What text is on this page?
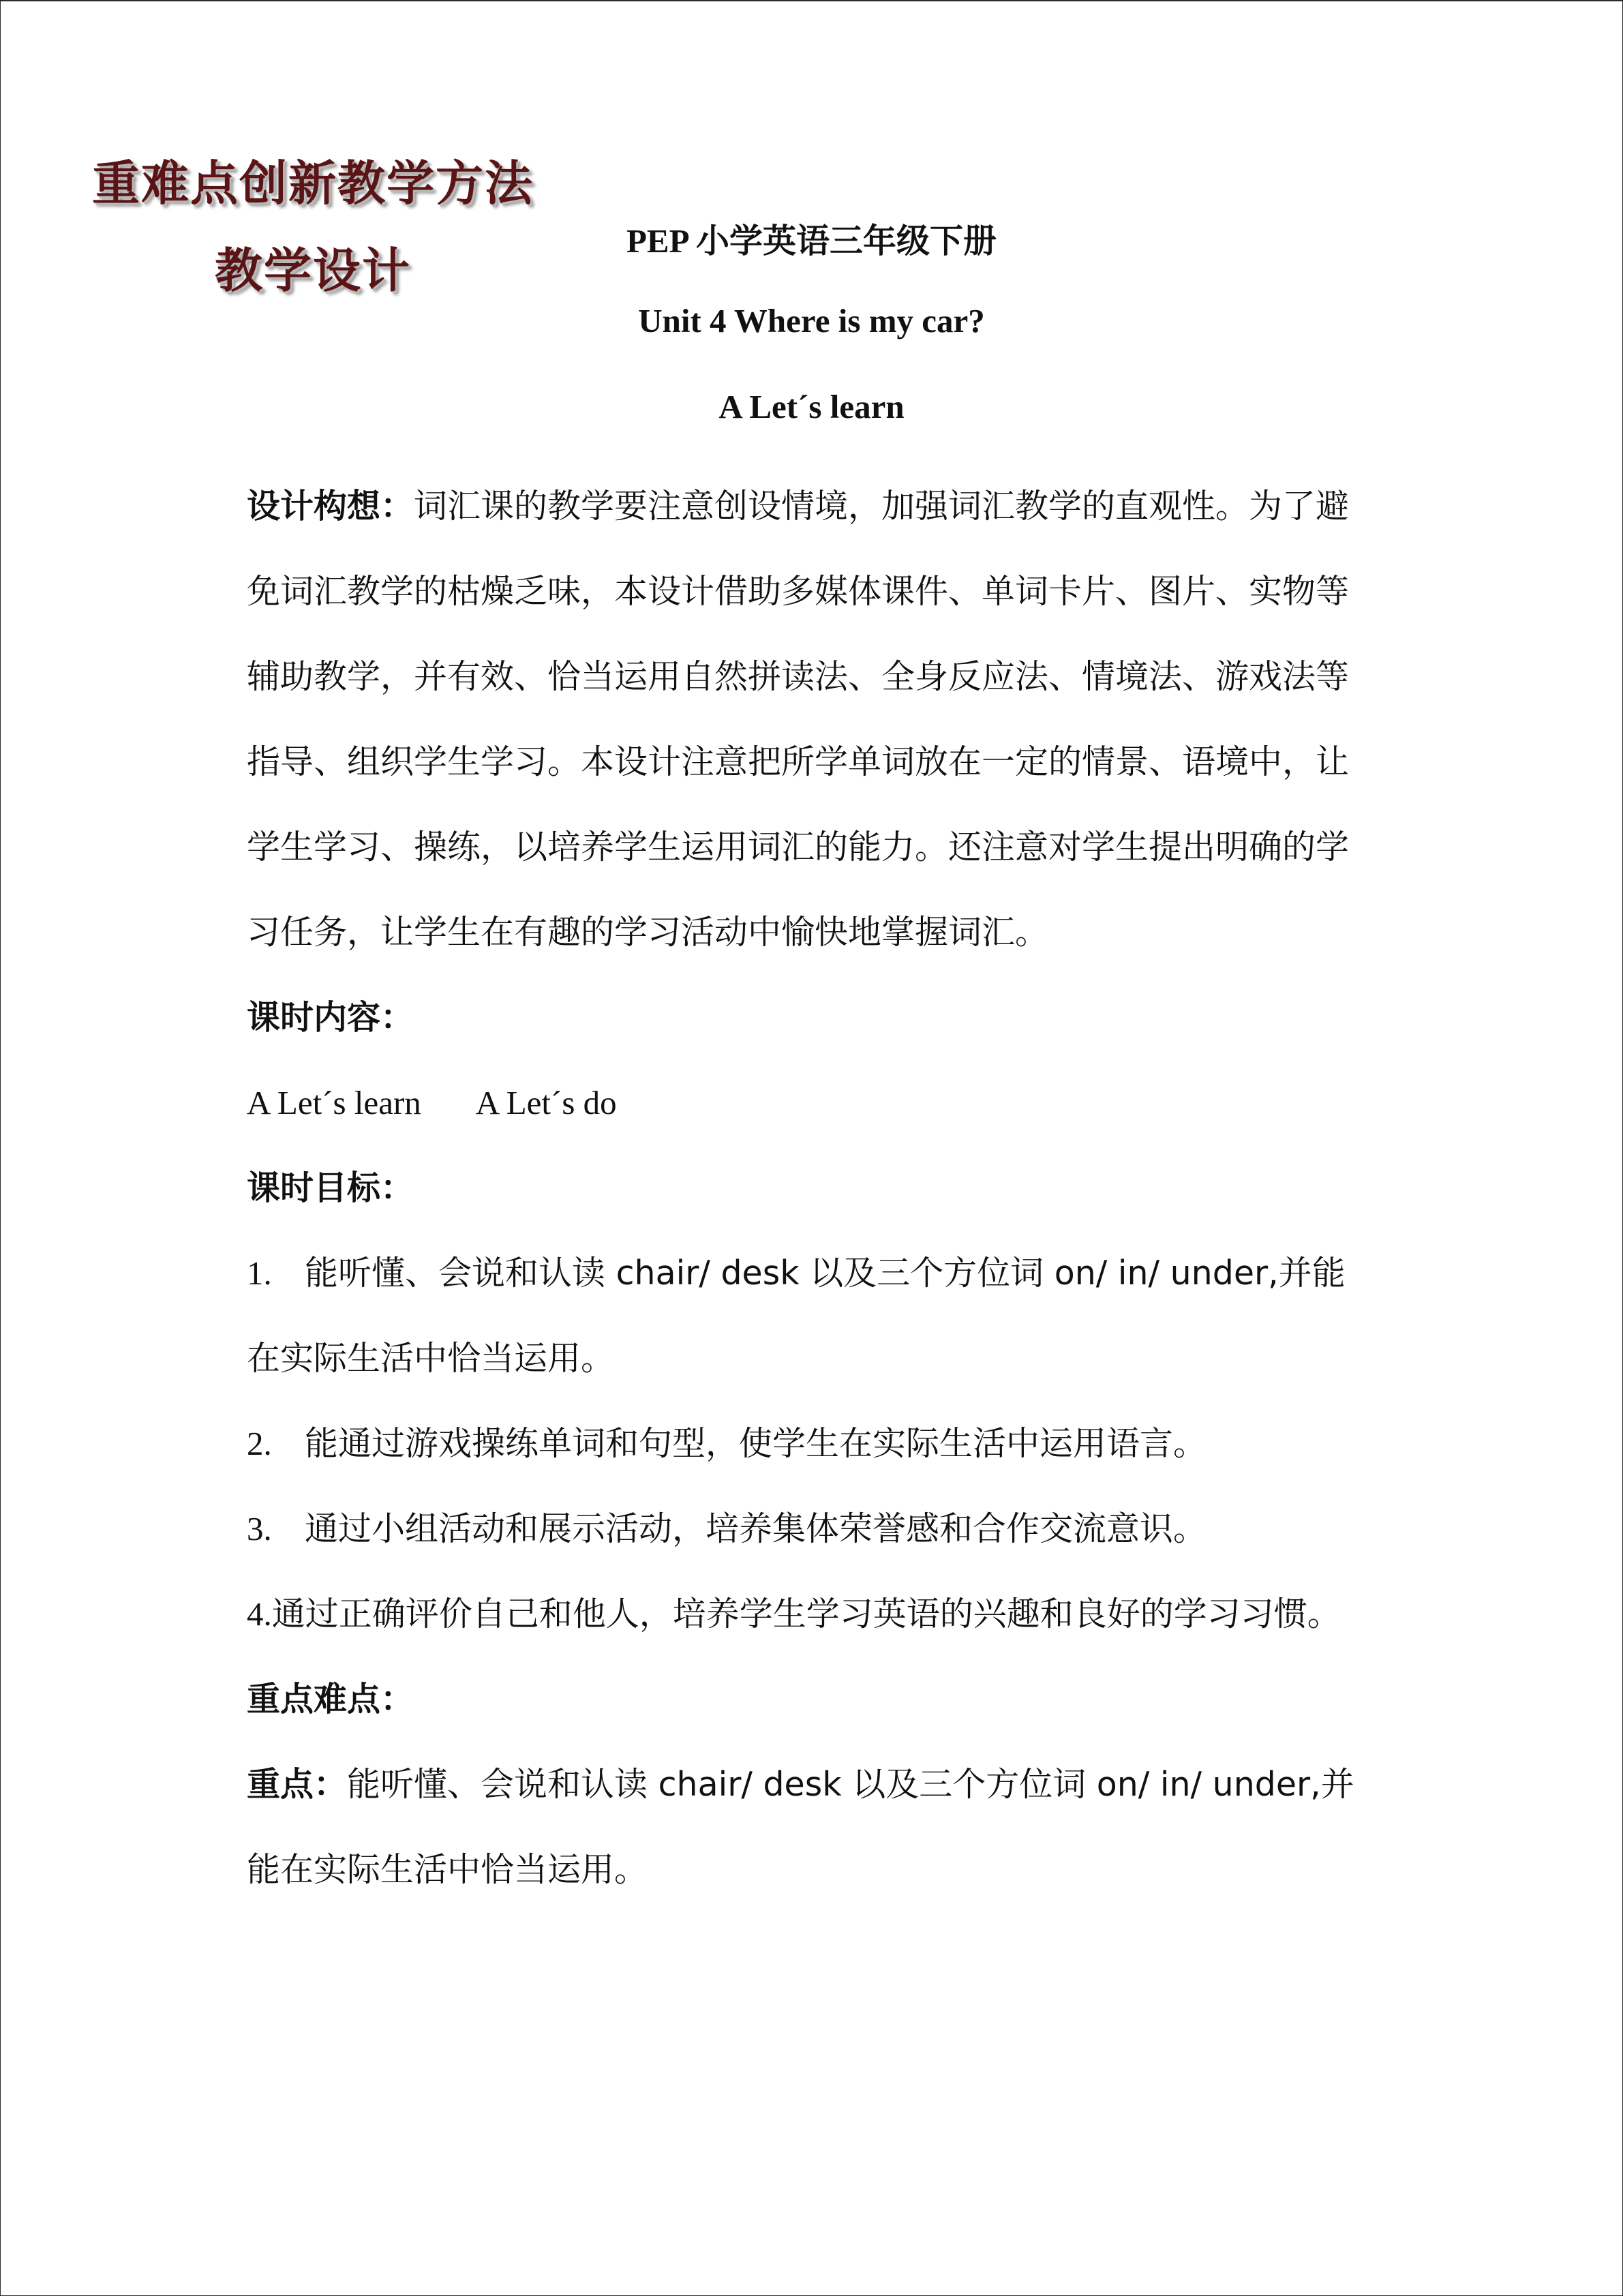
重难点创新教学方法
教学设计
PEP 小学英语三年级下册
Unit 4 Where is my car?
A Let´s learn

设计构想：词汇课的教学要注意创设情境，加强词汇教学的直观性。为了避免词汇教学的枯燥乏味，本设计借助多媒体课件、单词卡片、图片、实物等辅助教学，并有效、恰当运用自然拼读法、全身反应法、情境法、游戏法等指导、组织学生学习。本设计注意把所学单词放在一定的情景、语境中，让学生学习、操练，以培养学生运用词汇的能力。还注意对学生提出明确的学习任务，让学生在有趣的学习活动中愉快地掌握词汇。

课时内容：

A Let´s learn A Let´s do

课时目标：

1. 能听懂、会说和认读 chair/ desk 以及三个方位词 on/ in/ under,并能在实际生活中恰当运用。

2. 能通过游戏操练单词和句型，使学生在实际生活中运用语言。

3. 通过小组活动和展示活动，培养集体荣誉感和合作交流意识。

4.通过正确评价自己和他人，培养学生学习英语的兴趣和良好的学习习惯。

重点难点：

重点：能听懂、会说和认读 chair/ desk 以及三个方位词 on/ in/ under,并能在实际生活中恰当运用。
